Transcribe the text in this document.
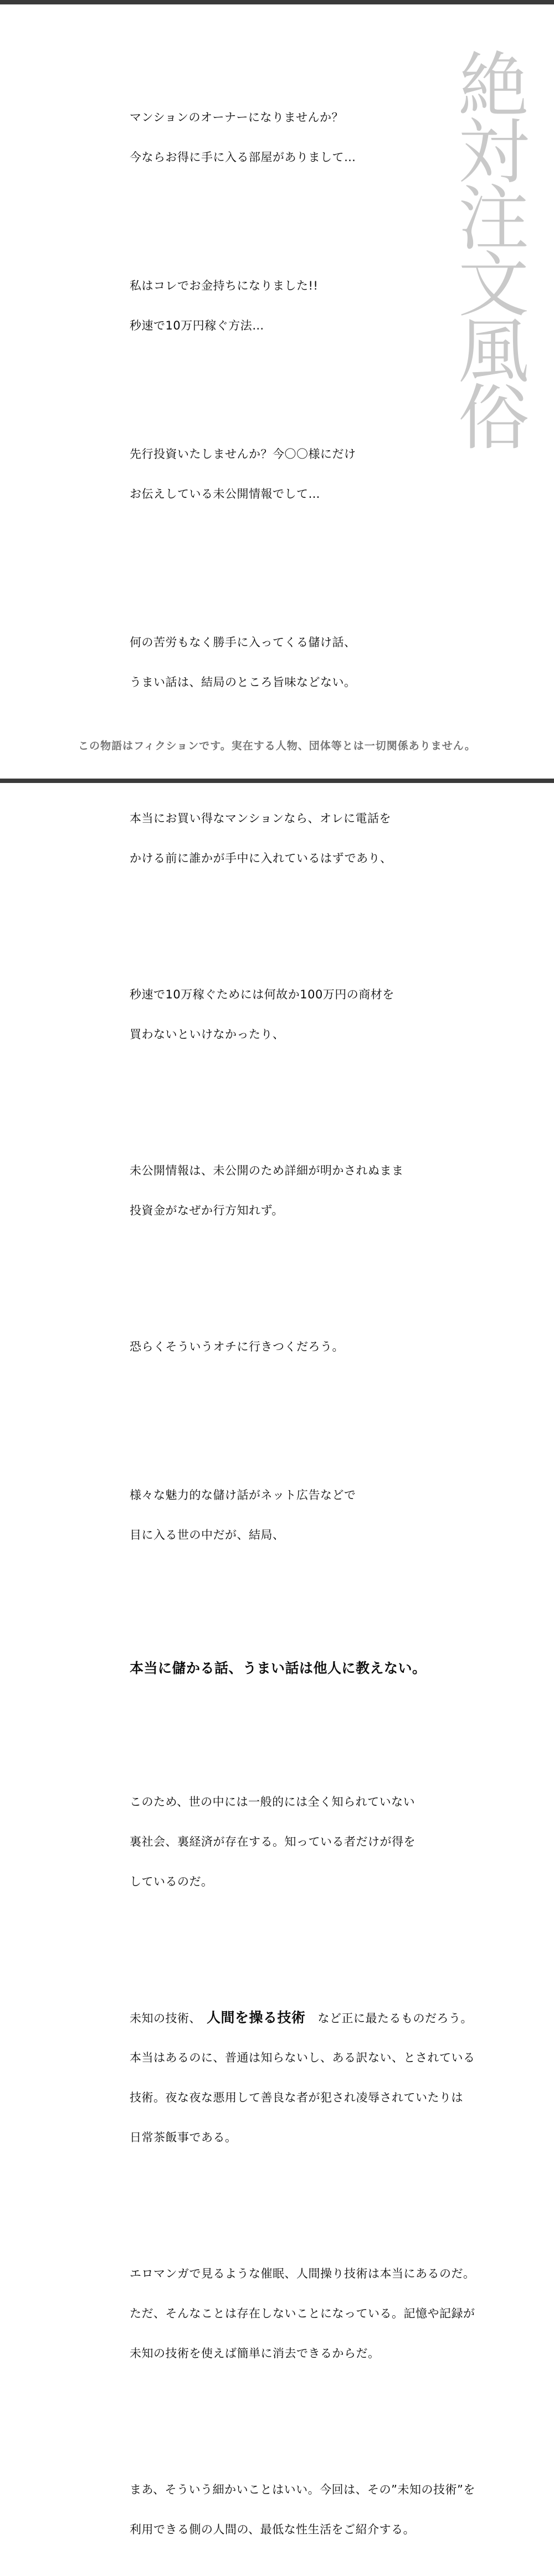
マンションのオーナーになりませんか？

今ならお得に手に入る部屋がありまして…

私はコレでお金持ちになりました!!

秒速で10万円稼ぐ方法…

先行投資いたしませんか？今〇〇様にだけ

お伝えしている未公開情報でして…

何の苦労もなく勝手に入ってくる儲け話、

うまい話は、結局のところ旨味などない。

本当にお買い得なマンションなら、オレに電話を

かける前に誰かが手中に入れているはずであり、

秒速で10万稼ぐためには何故か100万円の商材を

買わないといけなかったり、

未公開情報は、未公開のため詳細が明かされぬまま

投資金がなぜか行方知れず。

恐らくそういうオチに行きつくだろう。

様々な魅力的な儲け話がネット広告などで

目に入る世の中だが、結局、

本当に儲かる話、うまい話は他人に教えない。

このため、世の中には一般的には全く知られていない

裏社会、裏経済が存在する。知っている者だけが得を

しているのだ。

未知の技術、 人間を操る技術 など正に最たるものだろう。

本当はあるのに、普通は知らないし、ある訳ない、とされている

技術。夜な夜な悪用して善良な者が犯され凌辱されていたりは

日常茶飯事である。

エロマンガで見るような催眠、人間操り技術は本当にあるのだ。

ただ、そんなことは存在しないことになっている。記憶や記録が

未知の技術を使えば簡単に消去できるからだ。

まあ、そういう細かいことはいい。今回は、その”未知の技術”を

利用できる側の人間の、最低な性生活をご紹介する。

絶
対
注
文
風
俗
この物語はフィクションです。実在する人物、団体等とは一切関係ありません。
